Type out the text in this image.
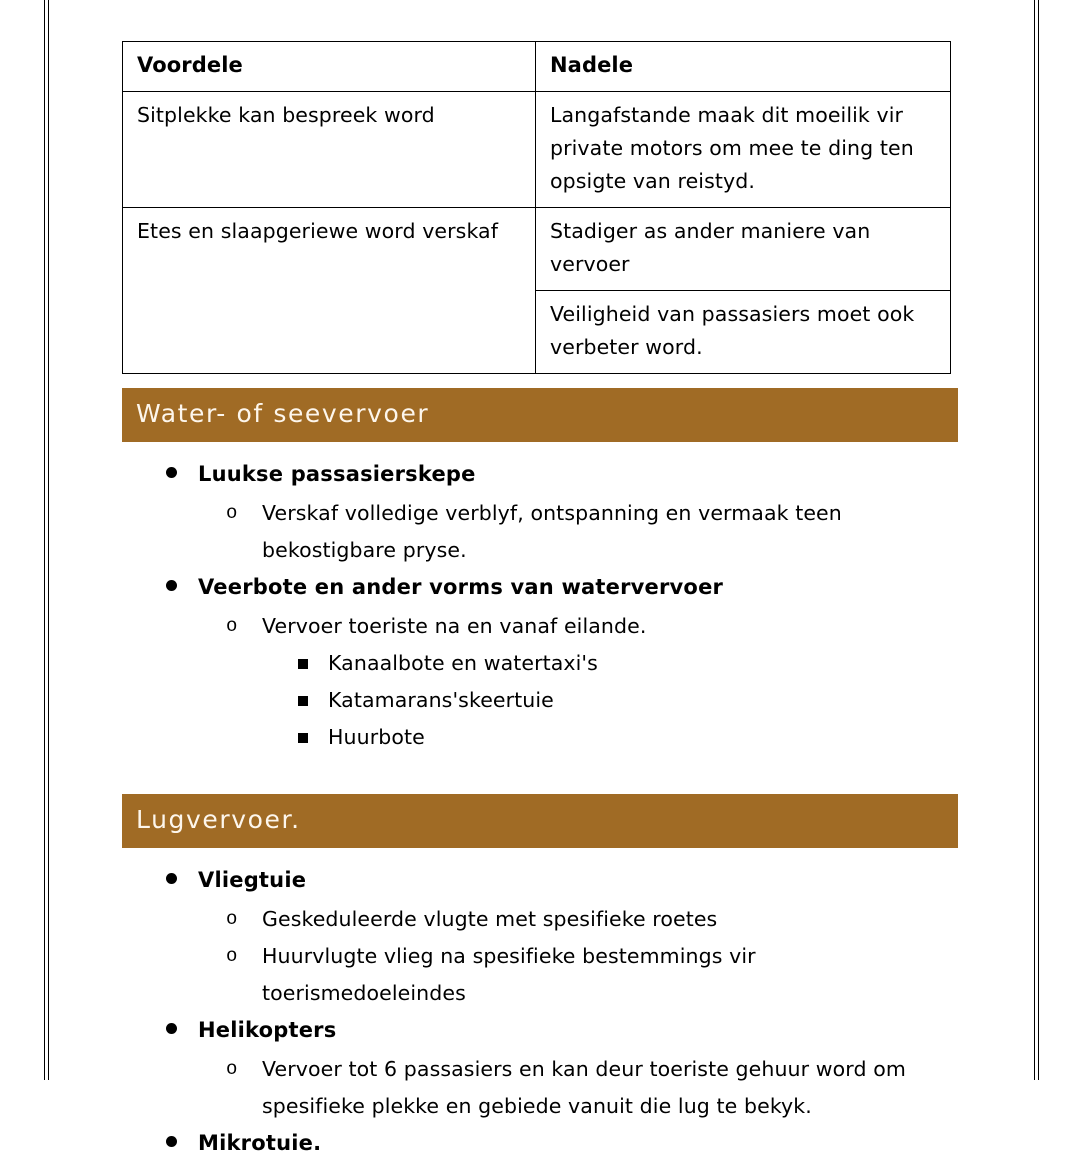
Voordele	Nadele
Sitplekke kan bespreek word	Langafstande maak dit moeilik vir private motors om mee te ding ten opsigte van reistyd.
Etes en slaapgeriewe word verskaf	Stadiger as ander maniere van vervoer
	Veiligheid van passasiers moet ook verbeter word.
Water- of seevervoer
Luukse passasierskepe
o Verskaf volledige verblyf, ontspanning en vermaak teen bekostigbare pryse.
Veerbote en ander vorms van watervervoer
o Vervoer toeriste na en vanaf eilande.
Kanaalbote en watertaxi's
Katamarans'skeertuie
Huurbote
Lugvervoer.
Vliegtuie
o Geskeduleerde vlugte met spesifieke roetes
o Huurvlugte vlieg na spesifieke bestemmings vir toerismedoeleindes
Helikopters
o Vervoer tot 6 passasiers en kan deur toeriste gehuur word om spesifieke plekke en gebiede vanuit die lug te bekyk.
Mikrotuie.
